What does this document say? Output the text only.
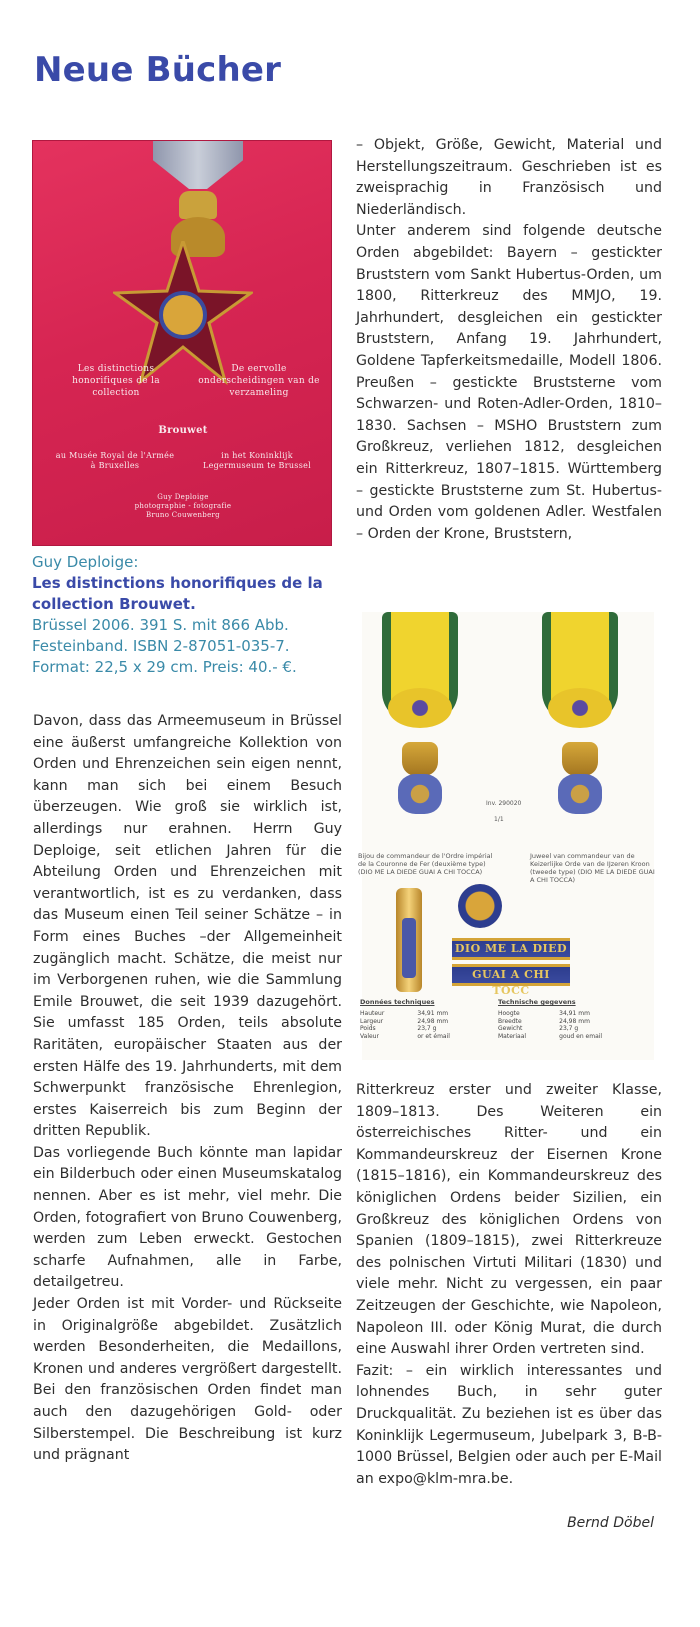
Neue Bücher
Les distinctions honorifiques de la collection
De eervolle onderscheidingen van de verzameling
Brouwet
au Musée Royal de l'Armée à Bruxelles
in het Koninklijk Legermuseum te Brussel
Guy Deploige
photographie - fotografie Bruno Couwenberg
Guy Deploige:
Les distinctions honorifiques de la collection Brouwet.
Brüssel 2006. 391 S. mit 866 Abb. Festeinband. ISBN 2-87051-035-7. Format: 22,5 x 29 cm. Preis: 40.- €.

Davon, dass das Armeemuseum in Brüssel eine äußerst umfangreiche Kollektion von Orden und Ehrenzeichen sein eigen nennt, kann man sich bei einem Besuch überzeugen. Wie groß sie wirklich ist, allerdings nur erahnen. Herrn Guy Deploige, seit etlichen Jahren für die Abteilung Orden und Ehrenzeichen mit verantwortlich, ist es zu verdanken, dass das Museum einen Teil seiner Schätze – in Form eines Buches –der Allgemeinheit zugänglich macht. Schätze, die meist nur im Verborgenen ruhen, wie die Sammlung Emile Brouwet, die seit 1939 dazugehört. Sie umfasst 185 Orden, teils absolute Raritäten, europäischer Staaten aus der ersten Hälfe des 19. Jahrhunderts, mit dem Schwerpunkt französische Ehrenlegion, erstes Kaiserreich bis zum Beginn der dritten Republik.

Das vorliegende Buch könnte man lapidar ein Bilderbuch oder einen Museumskatalog nennen. Aber es ist mehr, viel mehr. Die Orden, fotografiert von Bruno Couwenberg, werden zum Leben erweckt. Gestochen scharfe Aufnahmen, alle in Farbe, detailgetreu.

Jeder Orden ist mit Vorder- und Rückseite in Originalgröße abgebildet. Zusätzlich werden Besonderheiten, die Medaillons, Kronen und anderes vergrößert dargestellt. Bei den französischen Orden findet man auch den dazugehörigen Gold- oder Silberstempel. Die Beschreibung ist kurz und prägnant

– Objekt, Größe, Gewicht, Material und Herstellungszeitraum. Geschrieben ist es zweisprachig in Französisch und Niederländisch.

Unter anderem sind folgende deutsche Orden abgebildet: Bayern – gestickter Bruststern vom Sankt Hubertus-Orden, um 1800, Ritterkreuz des MMJO, 19. Jahrhundert, desgleichen ein gestickter Bruststern, Anfang 19. Jahrhundert, Goldene Tapferkeitsmedaille, Modell 1806. Preußen – gestickte Bruststerne vom Schwarzen- und Roten-Adler-Orden, 1810–1830. Sachsen – MSHO Bruststern zum Großkreuz, verliehen 1812, desgleichen ein Ritterkreuz, 1807–1815. Württemberg – gestickte Bruststerne zum St. Hubertus- und Orden vom goldenen Adler. Westfalen – Orden der Krone, Bruststern,

Inv. 290020
1/1
Bijou de commandeur de l'Ordre impérial de la Couronne de Fer (deuxième type) (DIO ME LA DIEDE GUAI A CHI TOCCA)
Juweel van commandeur van de Keizerlijke Orde van de IJzeren Kroon (tweede type) (DIO ME LA DIEDE GUAI A CHI TOCCA)
DIO ME LA DIED
GUAI A CHI TOCC
Données techniques
Hauteur	34,91 mm
Largeur	24,98 mm
Poids	23,7 g
Valeur	or et émail
Technische gegevens
Hoogte	34,91 mm
Breedte	24,98 mm
Gewicht	23,7 g
Materiaal	goud en email

Ritterkreuz erster und zweiter Klasse, 1809–1813. Des Weiteren ein österreichisches Ritter- und ein Kommandeurskreuz der Eisernen Krone (1815–1816), ein Kommandeurskreuz des königlichen Ordens beider Sizilien, ein Großkreuz des königlichen Ordens von Spanien (1809–1815), zwei Ritterkreuze des polnischen Virtuti Militari (1830) und viele mehr. Nicht zu vergessen, ein paar Zeitzeugen der Geschichte, wie Napoleon, Napoleon III. oder König Murat, die durch eine Auswahl ihrer Orden vertreten sind.

Fazit: – ein wirklich interessantes und lohnendes Buch, in sehr guter Druckqualität. Zu beziehen ist es über das Koninklijk Legermuseum, Jubelpark 3, B-B-1000 Brüssel, Belgien oder auch per E-Mail an expo@klm-mra.be.

Bernd Döbel
